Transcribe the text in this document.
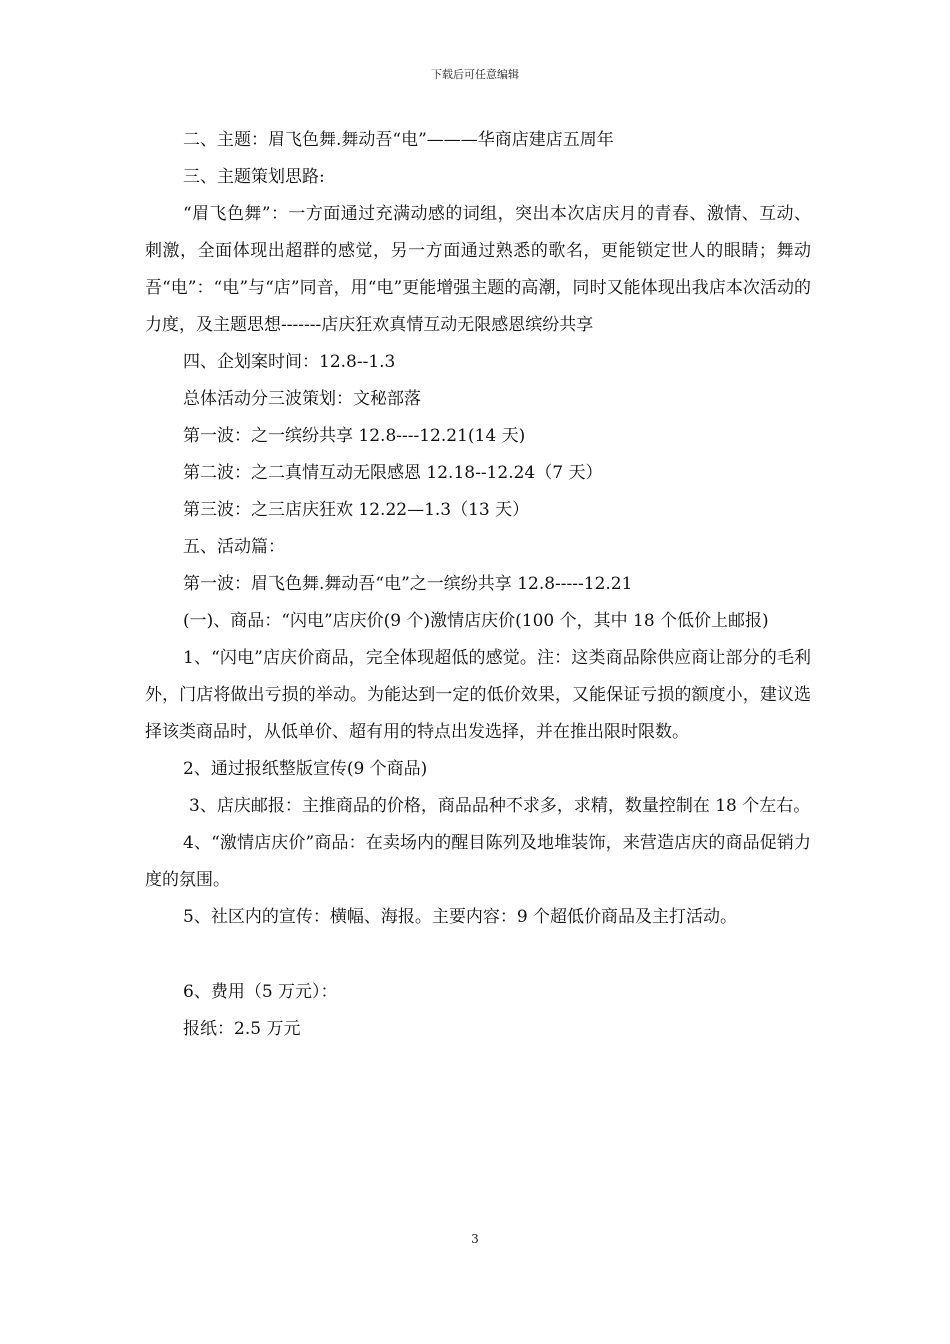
下载后可任意编辑

二、主题：眉飞色舞.舞动吾“电”———华商店建店五周年

三、主题策划思路:

“眉飞色舞”：一方面通过充满动感的词组，突出本次店庆月的青春、激情、互动、刺激，全面体现出超群的感觉，另一方面通过熟悉的歌名，更能锁定世人的眼睛；舞动吾“电”：“电”与“店”同音，用“电”更能增强主题的高潮，同时又能体现出我店本次活动的力度，及主题思想-------店庆狂欢真情互动无限感恩缤纷共享

四、企划案时间：12.8--1.3

总体活动分三波策划：文秘部落

第一波：之一缤纷共享 12.8----12.21(14 天)

第二波：之二真情互动无限感恩 12.18--12.24（7 天）

第三波：之三店庆狂欢 12.22—1.3（13 天）

五、活动篇：

第一波：眉飞色舞.舞动吾“电”之一缤纷共享 12.8-----12.21

(一)、商品：“闪电”店庆价(9 个)激情店庆价(100 个，其中 18 个低价上邮报)

1、“闪电”店庆价商品，完全体现超低的感觉。注：这类商品除供应商让部分的毛利外，门店将做出亏损的举动。为能达到一定的低价效果，又能保证亏损的额度小，建议选择该类商品时，从低单价、超有用的特点出发选择，并在推出限时限数。

2、通过报纸整版宣传(9 个商品)

3、店庆邮报：主推商品的价格，商品品种不求多，求精，数量控制在 18 个左右。

4、“激情店庆价”商品：在卖场内的醒目陈列及地堆装饰，来营造店庆的商品促销力度的氛围。

5、社区内的宣传：横幅、海报。主要内容：9 个超低价商品及主打活动。

6、费用（5 万元）：

报纸：2.5 万元

3
